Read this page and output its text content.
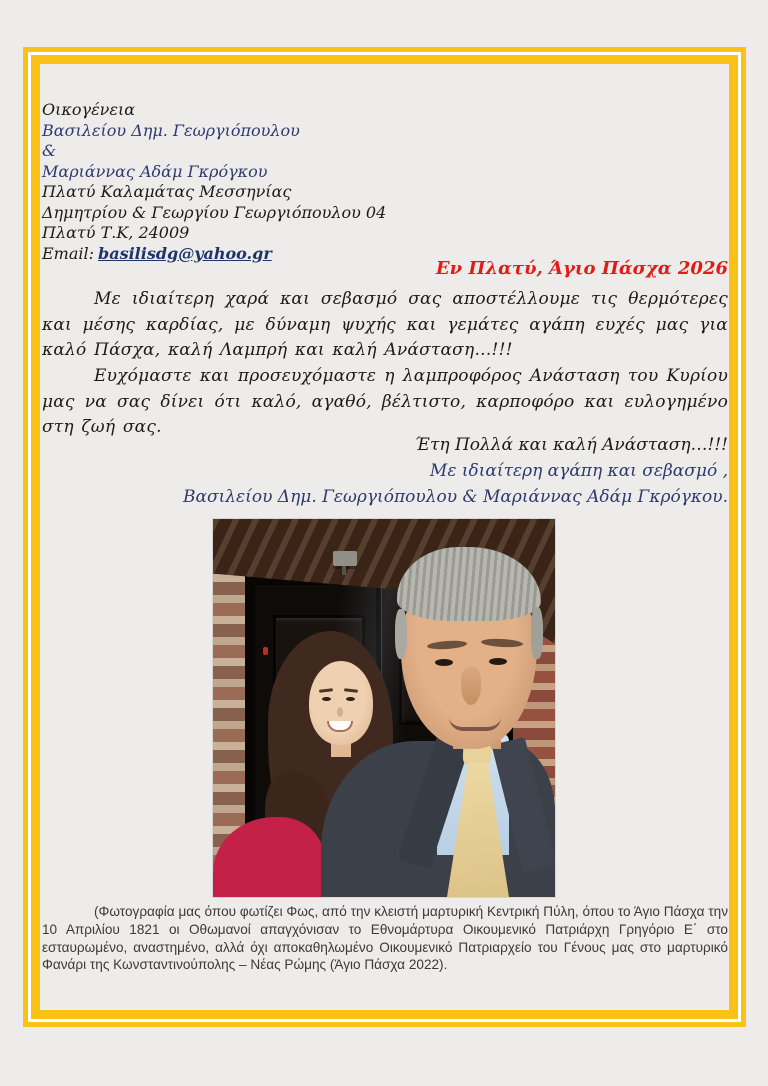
Οικογένεια
Βασιλείου Δημ. Γεωργιόπουλου
&
Μαριάννας Αδάμ Γκρόγκου
Πλατύ Καλαμάτας Μεσσηνίας
Δημητρίου & Γεωργίου Γεωργιόπουλου 04
Πλατύ Τ.Κ, 24009
Email: basilisdg@yahoo.gr
Εν Πλατύ, Άγιο Πάσχα 2026
Με ιδιαίτερη χαρά και σεβασμό σας αποστέλλουμε τις θερμότερες και μέσης καρδίας, με δύναμη ψυχής και γεμάτες αγάπη ευχές μας για καλό Πάσχα, καλή Λαμπρή και καλή Ανάσταση…!!!
Ευχόμαστε και προσευχόμαστε η λαμπροφόρος Ανάσταση του Κυρίου μας να σας δίνει ότι καλό, αγαθό, βέλτιστο, καρποφόρο και ευλογημένο στη ζωή σας.
Έτη Πολλά και καλή Ανάσταση…!!!
Με ιδιαίτερη αγάπη και σεβασμό ,
Βασιλείου Δημ. Γεωργιόπουλου & Μαριάννας Αδάμ Γκρόγκου.
(Φωτογραφία μας όπου φωτίζει Φως, από την κλειστή μαρτυρική Κεντρική Πύλη, όπου το Άγιο Πάσχα την 10 Απριλίου 1821 οι Οθωμανοί απαγχόνισαν το Εθνομάρτυρα Οικουμενικό Πατριάρχη Γρηγόριο Ε΄ στο εσταυρωμένο, αναστημένο, αλλά όχι αποκαθηλωμένο Οικουμενικό Πατριαρχείο του Γένους μας στο μαρτυρικό Φανάρι της Κωνσταντινούπολης – Νέας Ρώμης (Άγιο Πάσχα 2022).
